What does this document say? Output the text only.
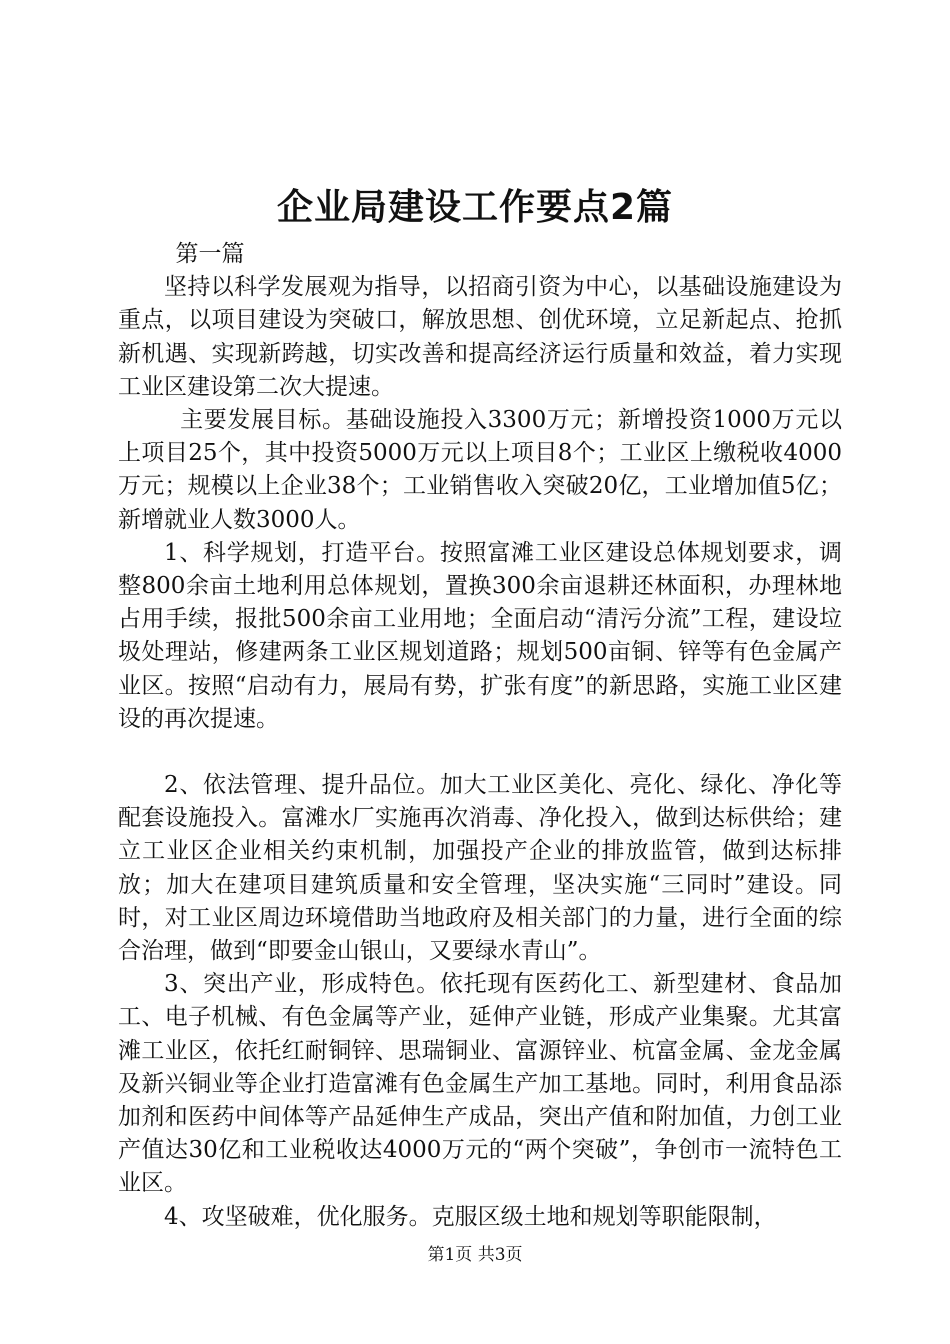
企业局建设工作要点2篇

第一篇

坚持以科学发展观为指导，以招商引资为中心，以基础设施建设为重点，以项目建设为突破口，解放思想、创优环境，立足新起点、抢抓新机遇、实现新跨越，切实改善和提高经济运行质量和效益，着力实现工业区建设第二次大提速。

主要发展目标。基础设施投入3300万元；新增投资1000万元以上项目25个，其中投资5000万元以上项目8个；工业区上缴税收4000万元；规模以上企业38个；工业销售收入突破20亿，工业增加值5亿；新增就业人数3000人。

1、科学规划，打造平台。按照富滩工业区建设总体规划要求，调整800余亩土地利用总体规划，置换300余亩退耕还林面积，办理林地占用手续，报批500余亩工业用地；全面启动“清污分流”工程，建设垃圾处理站，修建两条工业区规划道路；规划500亩铜、锌等有色金属产业区。按照“启动有力，展局有势，扩张有度”的新思路，实施工业区建设的再次提速。

2、依法管理、提升品位。加大工业区美化、亮化、绿化、净化等配套设施投入。富滩水厂实施再次消毒、净化投入，做到达标供给；建立工业区企业相关约束机制，加强投产企业的排放监管，做到达标排放；加大在建项目建筑质量和安全管理，坚决实施“三同时”建设。同时，对工业区周边环境借助当地政府及相关部门的力量，进行全面的综合治理，做到“即要金山银山，又要绿水青山”。

3、突出产业，形成特色。依托现有医药化工、新型建材、食品加工、电子机械、有色金属等产业，延伸产业链，形成产业集聚。尤其富滩工业区，依托红耐铜锌、思瑞铜业、富源锌业、杭富金属、金龙金属及新兴铜业等企业打造富滩有色金属生产加工基地。同时，利用食品添加剂和医药中间体等产品延伸生产成品，突出产值和附加值，力创工业产值达30亿和工业税收达4000万元的“两个突破”，争创市一流特色工业区。

4、攻坚破难，优化服务。克服区级土地和规划等职能限制，

第1页 共3页
